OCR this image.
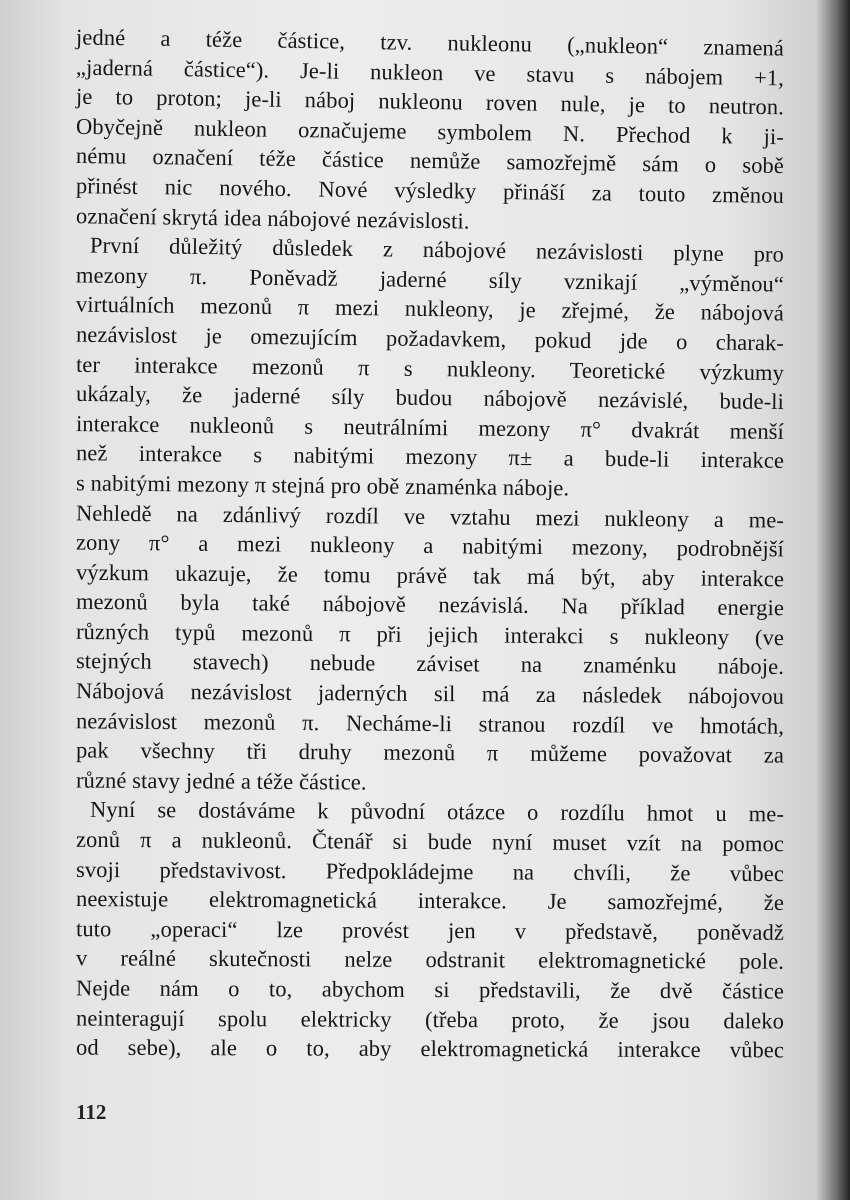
jedné a téže částice, tzv. nukleonu („nukleon“ znamená
„jaderná částice“). Je-li nukleon ve stavu s nábojem +1,
je to proton; je-li náboj nukleonu roven nule, je to neutron.
Obyčejně nukleon označujeme symbolem N. Přechod k ji-
nému označení téže částice nemůže samozřejmě sám o sobě
přinést nic nového. Nové výsledky přináší za touto změnou
označení skrytá idea nábojové nezávislosti.
První důležitý důsledek z nábojové nezávislosti plyne pro
mezony π. Poněvadž jaderné síly vznikají „výměnou“
virtuálních mezonů π mezi nukleony, je zřejmé, že nábojová
nezávislost je omezujícím požadavkem, pokud jde o charak-
ter interakce mezonů π s nukleony. Teoretické výzkumy
ukázaly, že jaderné síly budou nábojově nezávislé, bude-li
interakce nukleonů s neutrálními mezony π° dvakrát menší
než interakce s nabitými mezony π± a bude-li interakce
s nabitými mezony π stejná pro obě znaménka náboje.
Nehledě na zdánlivý rozdíl ve vztahu mezi nukleony a me-
zony π° a mezi nukleony a nabitými mezony, podrobnější
výzkum ukazuje, že tomu právě tak má být, aby interakce
mezonů byla také nábojově nezávislá. Na příklad energie
různých typů mezonů π při jejich interakci s nukleony (ve
stejných stavech) nebude záviset na znaménku náboje.
Nábojová nezávislost jaderných sil má za následek nábojovou
nezávislost mezonů π. Necháme-li stranou rozdíl ve hmotách,
pak všechny tři druhy mezonů π můžeme považovat za
různé stavy jedné a téže částice.
Nyní se dostáváme k původní otázce o rozdílu hmot u me-
zonů π a nukleonů. Čtenář si bude nyní muset vzít na pomoc
svoji představivost. Předpokládejme na chvíli, že vůbec
neexistuje elektromagnetická interakce. Je samozřejmé, že
tuto „operaci“ lze provést jen v představě, poněvadž
v reálné skutečnosti nelze odstranit elektromagnetické pole.
Nejde nám o to, abychom si představili, že dvě částice
neinteragují spolu elektricky (třeba proto, že jsou daleko
od sebe), ale o to, aby elektromagnetická interakce vůbec
112
